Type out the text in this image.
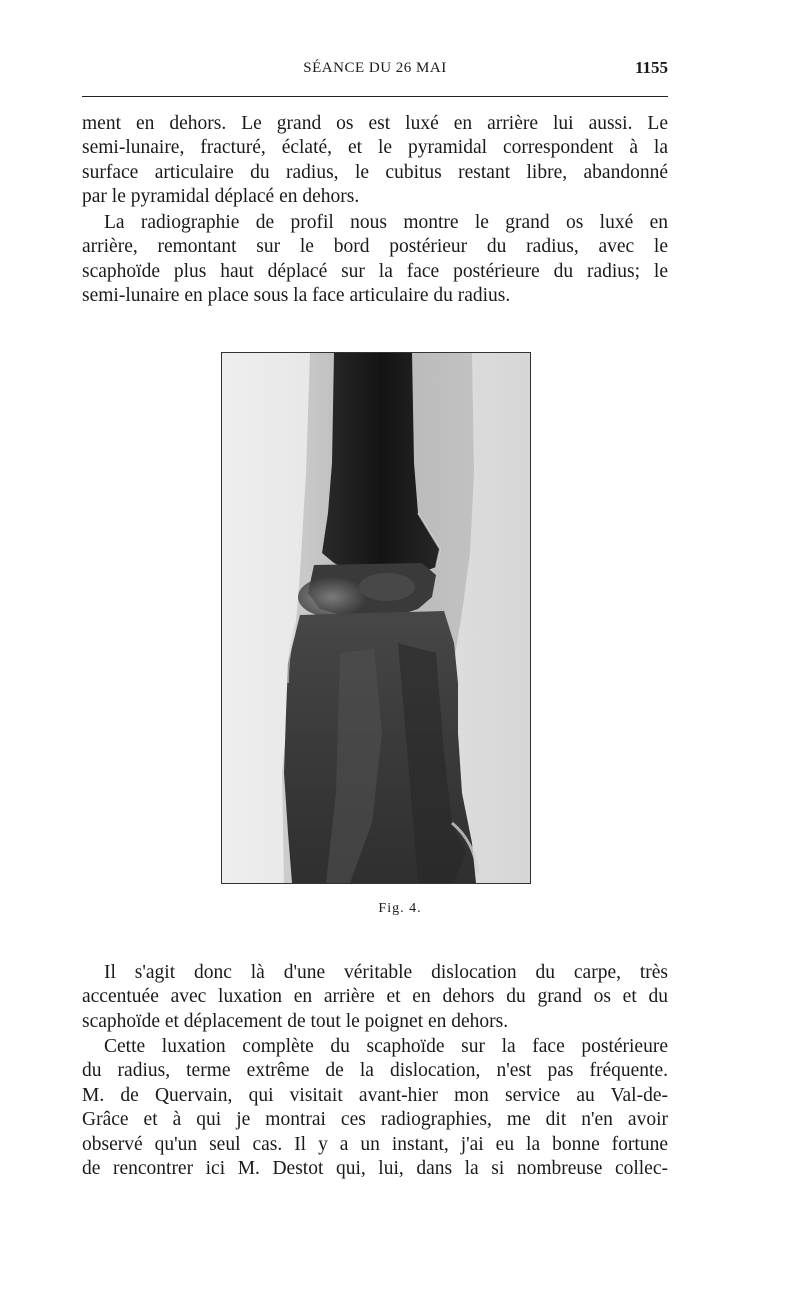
SÉANCE DU 26 MAI	1155

ment en dehors. Le grand os est luxé en arrière lui aussi. Le
semi-lunaire, fracturé, éclaté, et le pyramidal correspondent à la
surface articulaire du radius, le cubitus restant libre, abandonné
par le pyramidal déplacé en dehors.

La radiographie de profil nous montre le grand os luxé en
arrière, remontant sur le bord postérieur du radius, avec le
scaphoïde plus haut déplacé sur la face postérieure du radius; le
semi-lunaire en place sous la face articulaire du radius.

Fig. 4.

Il s'agit donc là d'une véritable dislocation du carpe, très
accentuée avec luxation en arrière et en dehors du grand os et du
scaphoïde et déplacement de tout le poignet en dehors.

Cette luxation complète du scaphoïde sur la face postérieure
du radius, terme extrême de la dislocation, n'est pas fréquente.
M. de Quervain, qui visitait avant-hier mon service au Val-de-
Grâce et à qui je montrai ces radiographies, me dit n'en avoir
observé qu'un seul cas. Il y a un instant, j'ai eu la bonne fortune
de rencontrer ici M. Destot qui, lui, dans la si nombreuse collec-
